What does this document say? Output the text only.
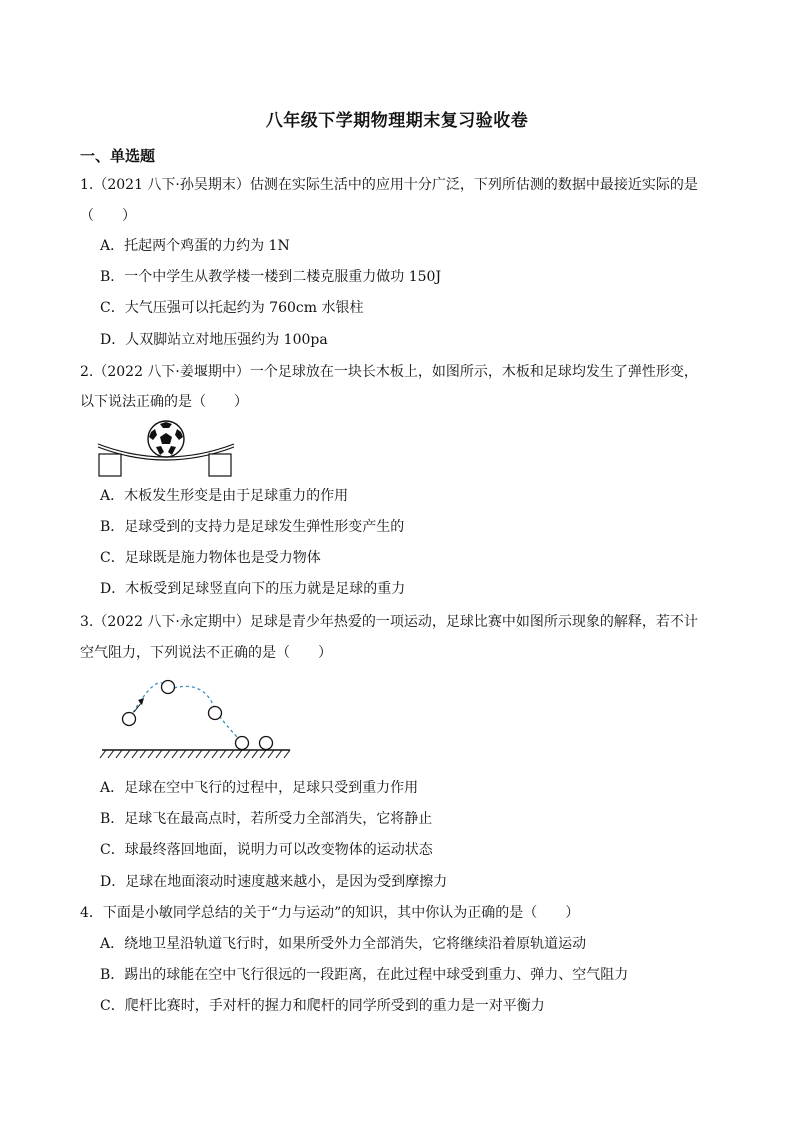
八年级下学期物理期末复习验收卷
一、单选题
1.（2021 八下·孙吴期末）估测在实际生活中的应用十分广泛，下列所估测的数据中最接近实际的是
（　　）
A．托起两个鸡蛋的力约为 1N
B．一个中学生从教学楼一楼到二楼克服重力做功 150J
C．大气压强可以托起约为 760cm 水银柱
D．人双脚站立对地压强约为 100pa
2.（2022 八下·姜堰期中）一个足球放在一块长木板上，如图所示，木板和足球均发生了弹性形变，
以下说法正确的是（　　）
A．木板发生形变是由于足球重力的作用
B．足球受到的支持力是足球发生弹性形变产生的
C．足球既是施力物体也是受力物体
D．木板受到足球竖直向下的压力就是足球的重力
3.（2022 八下·永定期中）足球是青少年热爱的一项运动，足球比赛中如图所示现象的解释，若不计
空气阻力，下列说法不正确的是（　　）
A．足球在空中飞行的过程中，足球只受到重力作用
B．足球飞在最高点时，若所受力全部消失，它将静止
C．球最终落回地面，说明力可以改变物体的运动状态
D．足球在地面滚动时速度越来越小，是因为受到摩擦力
4．下面是小敏同学总结的关于“力与运动”的知识，其中你认为正确的是（　　）
A．绕地卫星沿轨道飞行时，如果所受外力全部消失，它将继续沿着原轨道运动
B．踢出的球能在空中飞行很远的一段距离，在此过程中球受到重力、弹力、空气阻力
C．爬杆比赛时，手对杆的握力和爬杆的同学所受到的重力是一对平衡力
